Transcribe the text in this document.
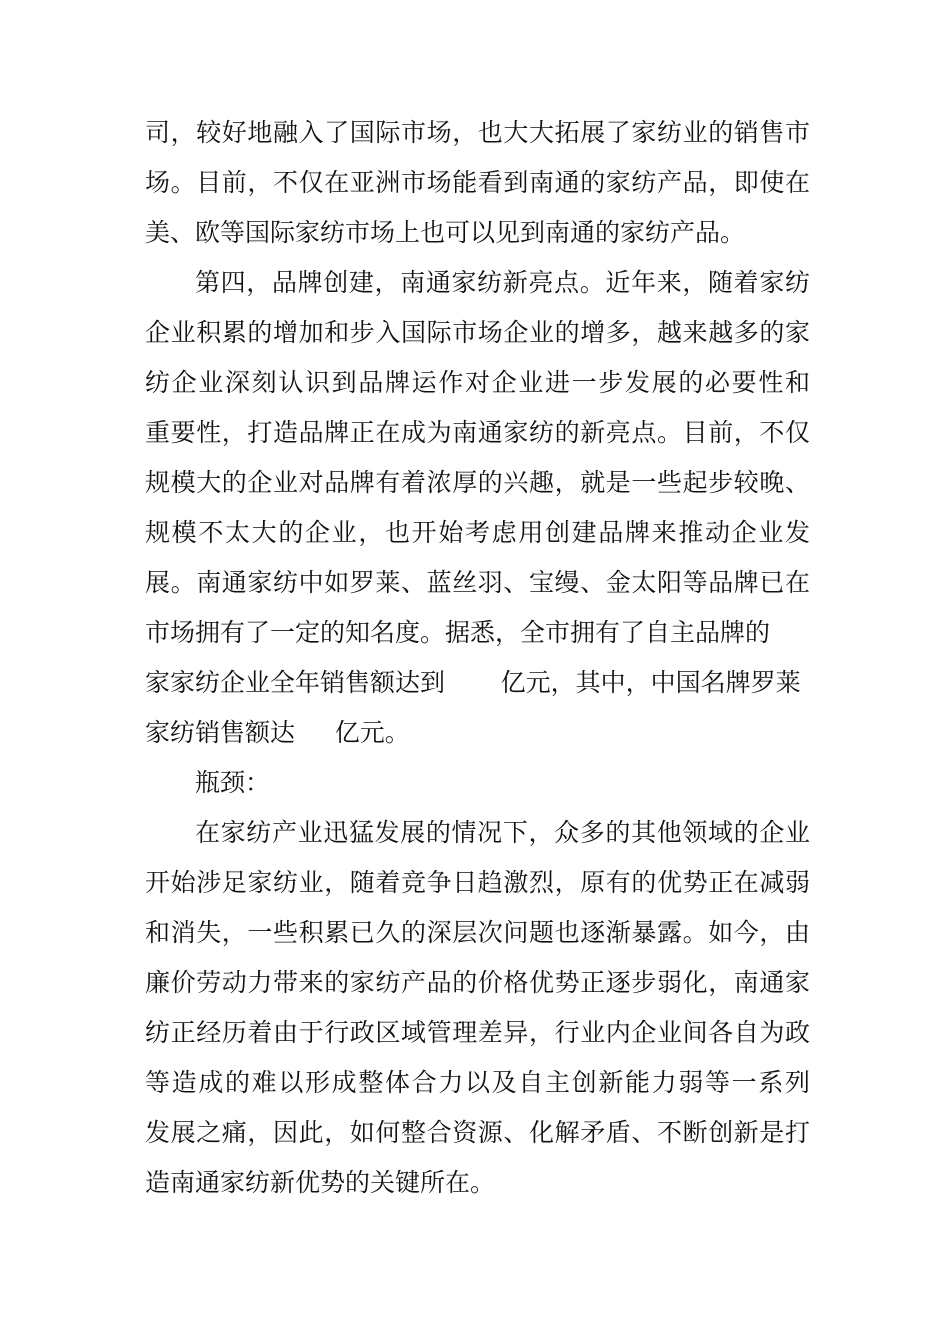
司，较好地融入了国际市场，也大大拓展了家纺业的销售市

场。目前，不仅在亚洲市场能看到南通的家纺产品，即使在

美、欧等国际家纺市场上也可以见到南通的家纺产品。

第四，品牌创建，南通家纺新亮点。近年来，随着家纺

企业积累的增加和步入国际市场企业的增多，越来越多的家

纺企业深刻认识到品牌运作对企业进一步发展的必要性和

重要性，打造品牌正在成为南通家纺的新亮点。目前，不仅

规模大的企业对品牌有着浓厚的兴趣，就是一些起步较晚、

规模不太大的企业，也开始考虑用创建品牌来推动企业发

展。南通家纺中如罗莱、蓝丝羽、宝缦、金太阳等品牌已在

市场拥有了一定的知名度。据悉，全市拥有了自主品牌的

家家纺企业全年销售额达到       亿元，其中，中国名牌罗莱

家纺销售额达     亿元。

瓶颈：

在家纺产业迅猛发展的情况下，众多的其他领域的企业

开始涉足家纺业，随着竞争日趋激烈，原有的优势正在减弱

和消失，一些积累已久的深层次问题也逐渐暴露。如今，由

廉价劳动力带来的家纺产品的价格优势正逐步弱化，南通家

纺正经历着由于行政区域管理差异，行业内企业间各自为政

等造成的难以形成整体合力以及自主创新能力弱等一系列

发展之痛，因此，如何整合资源、化解矛盾、不断创新是打

造南通家纺新优势的关键所在。
